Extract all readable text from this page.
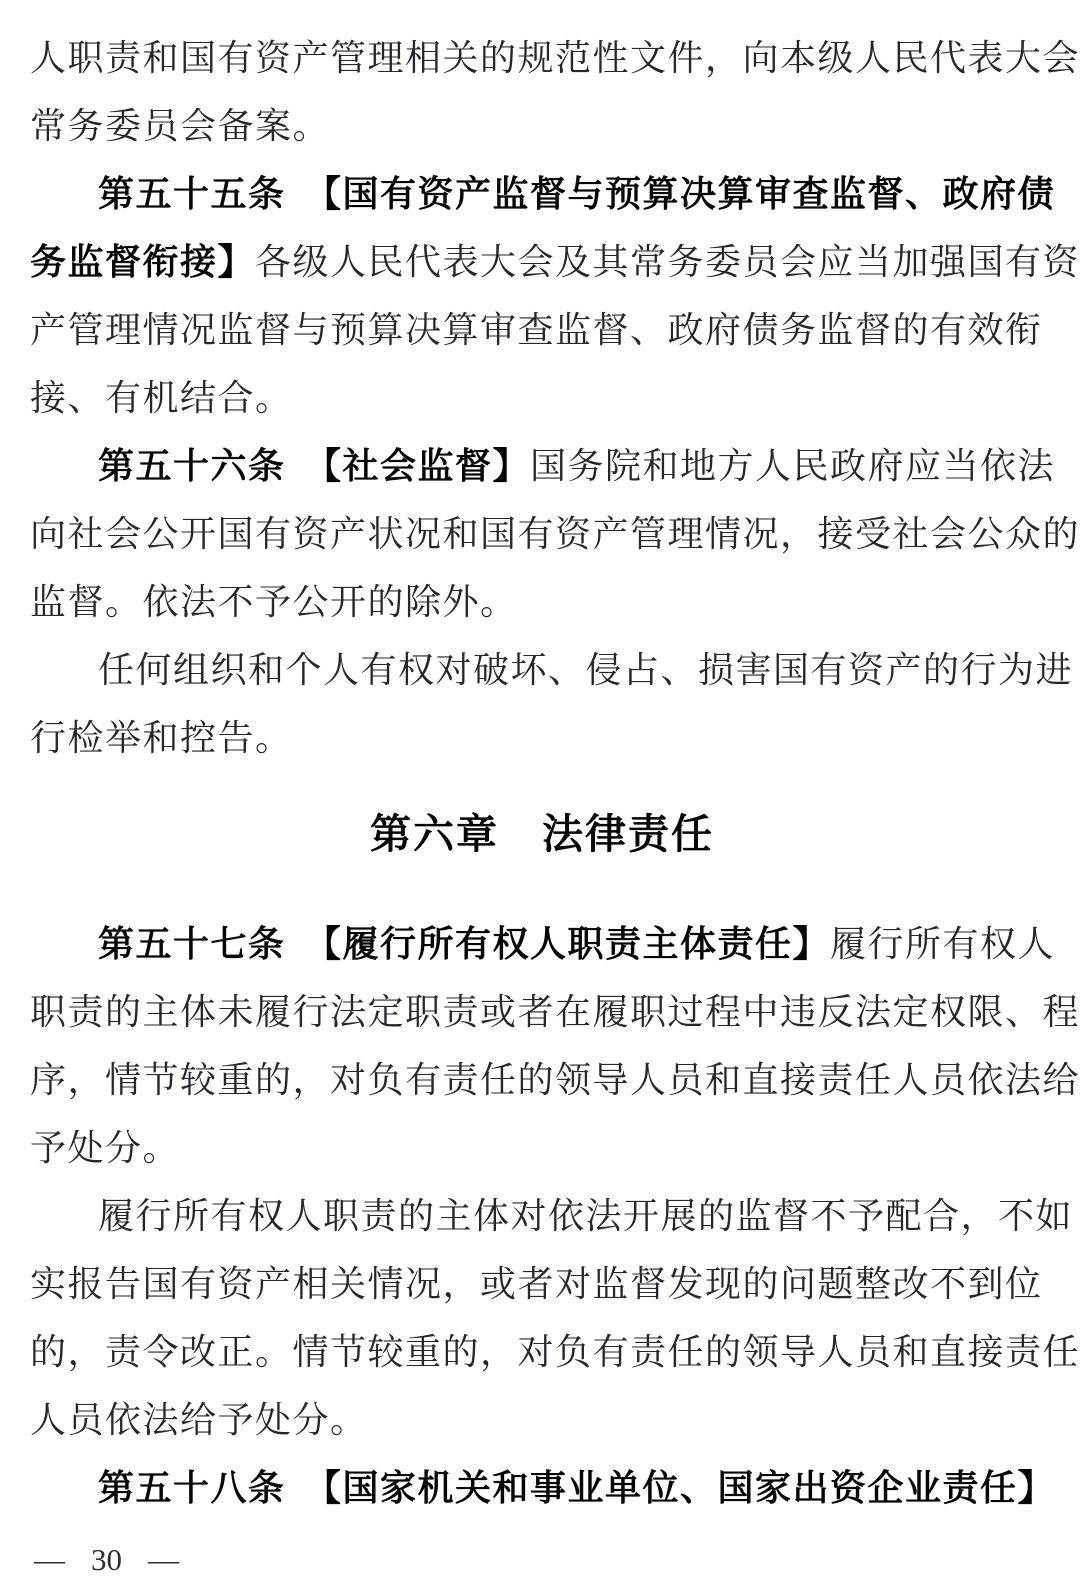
人职责和国有资产管理相关的规范性文件，向本级人民代表大会
常务委员会备案。
第五十五条　【国有资产监督与预算决算审查监督、政府债
务监督衔接】各级人民代表大会及其常务委员会应当加强国有资
产管理情况监督与预算决算审查监督、政府债务监督的有效衔
接、有机结合。
第五十六条　【社会监督】国务院和地方人民政府应当依法
向社会公开国有资产状况和国有资产管理情况，接受社会公众的
监督。依法不予公开的除外。
任何组织和个人有权对破坏、侵占、损害国有资产的行为进
行检举和控告。
第六章　法律责任
第五十七条　【履行所有权人职责主体责任】履行所有权人
职责的主体未履行法定职责或者在履职过程中违反法定权限、程
序，情节较重的，对负有责任的领导人员和直接责任人员依法给
予处分。
履行所有权人职责的主体对依法开展的监督不予配合，不如
实报告国有资产相关情况，或者对监督发现的问题整改不到位
的，责令改正。情节较重的，对负有责任的领导人员和直接责任
人员依法给予处分。
第五十八条　【国家机关和事业单位、国家出资企业责任】
— 30 —
